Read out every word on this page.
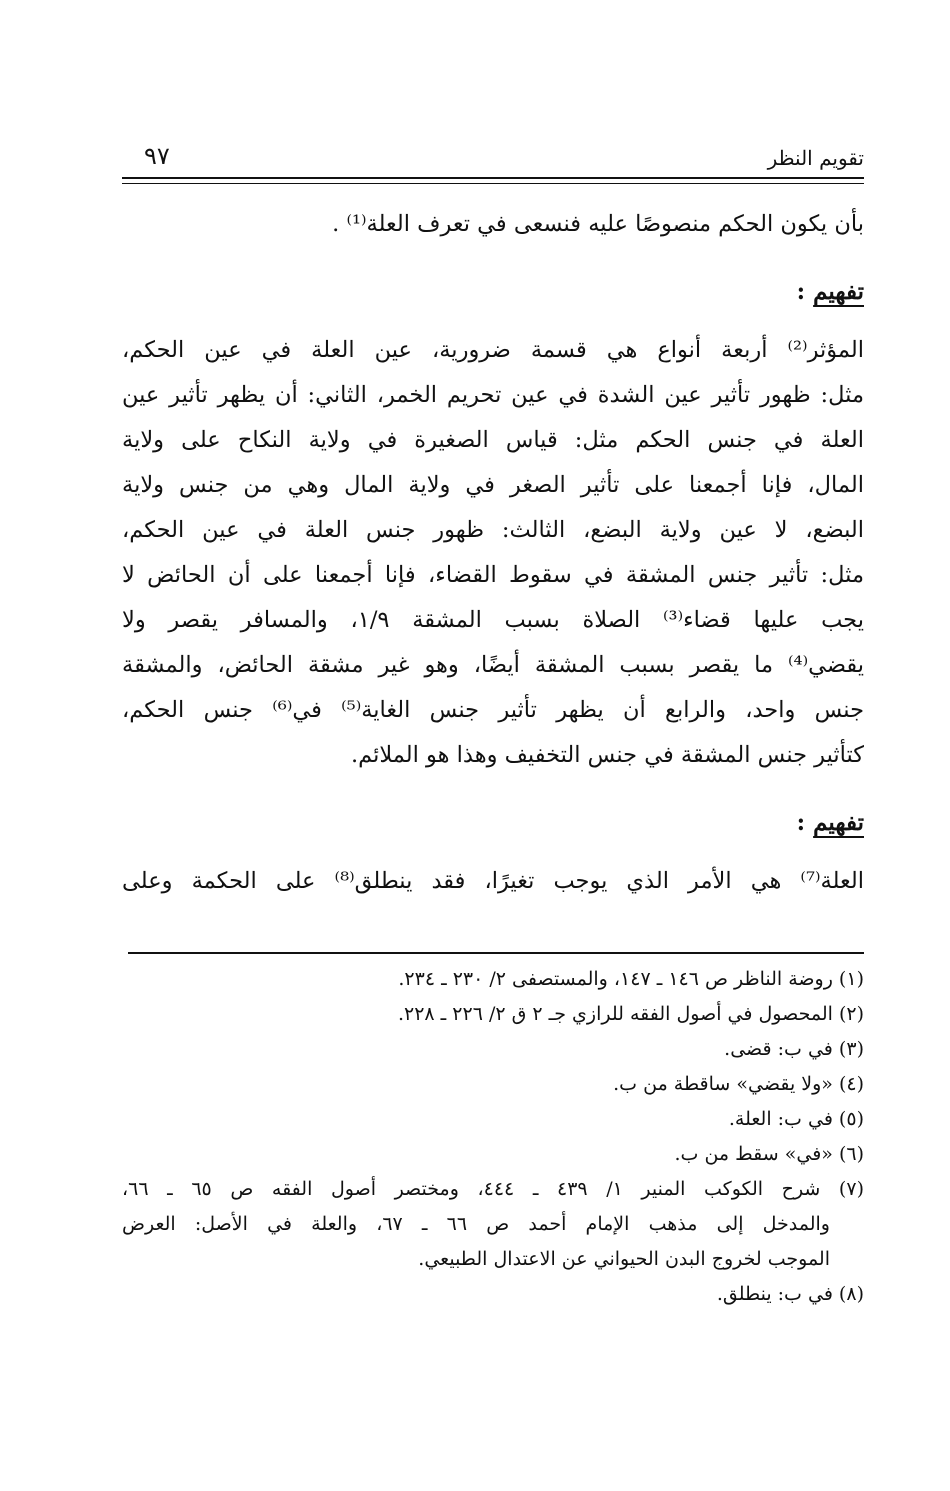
تقويم النظر
٩٧
بأن يكون الحكم منصوصًا عليه فنسعى في تعرف العلة⁽¹⁾ .
تفهيم :
المؤثر⁽²⁾ أربعة أنواع هي قسمة ضرورية، عين العلة في عين الحكم،
مثل: ظهور تأثير عين الشدة في عين تحريم الخمر، الثاني: أن يظهر تأثير عين
العلة في جنس الحكم مثل: قياس الصغيرة في ولاية النكاح على ولاية
المال، فإنا أجمعنا على تأثير الصغر في ولاية المال وهي من جنس ولاية
البضع، لا عين ولاية البضع، الثالث: ظهور جنس العلة في عين الحكم،
مثل: تأثير جنس المشقة في سقوط القضاء، فإنا أجمعنا على أن الحائض لا
يجب عليها قضاء⁽³⁾ الصلاة بسبب المشقة ١/٩، والمسافر يقصر ولا
يقضي⁽⁴⁾ ما يقصر بسبب المشقة أيضًا، وهو غير مشقة الحائض، والمشقة
جنس واحد، والرابع أن يظهر تأثير جنس الغاية⁽⁵⁾ في⁽⁶⁾ جنس الحكم،
كتأثير جنس المشقة في جنس التخفيف وهذا هو الملائم.
تفهيم :
العلة⁽⁷⁾ هي الأمر الذي يوجب تغيرًا، فقد ينطلق⁽⁸⁾ على الحكمة وعلى
(١) روضة الناظر ص ١٤٦ ـ ١٤٧، والمستصفى ٢/ ٢٣٠ ـ ٢٣٤.
(٢) المحصول في أصول الفقه للرازي جـ ٢ ق ٢/ ٢٢٦ ـ ٢٢٨.
(٣) في ب: قضى.
(٤) «ولا يقضي» ساقطة من ب.
(٥) في ب: العلة.
(٦) «في» سقط من ب.
(٧) شرح الكوكب المنير ١/ ٤٣٩ ـ ٤٤٤، ومختصر أصول الفقه ص ٦٥ ـ ٦٦،
والمدخل إلى مذهب الإمام أحمد ص ٦٦ ـ ٦٧، والعلة في الأصل: العرض
الموجب لخروج البدن الحيواني عن الاعتدال الطبيعي.
(٨) في ب: ينطلق.
